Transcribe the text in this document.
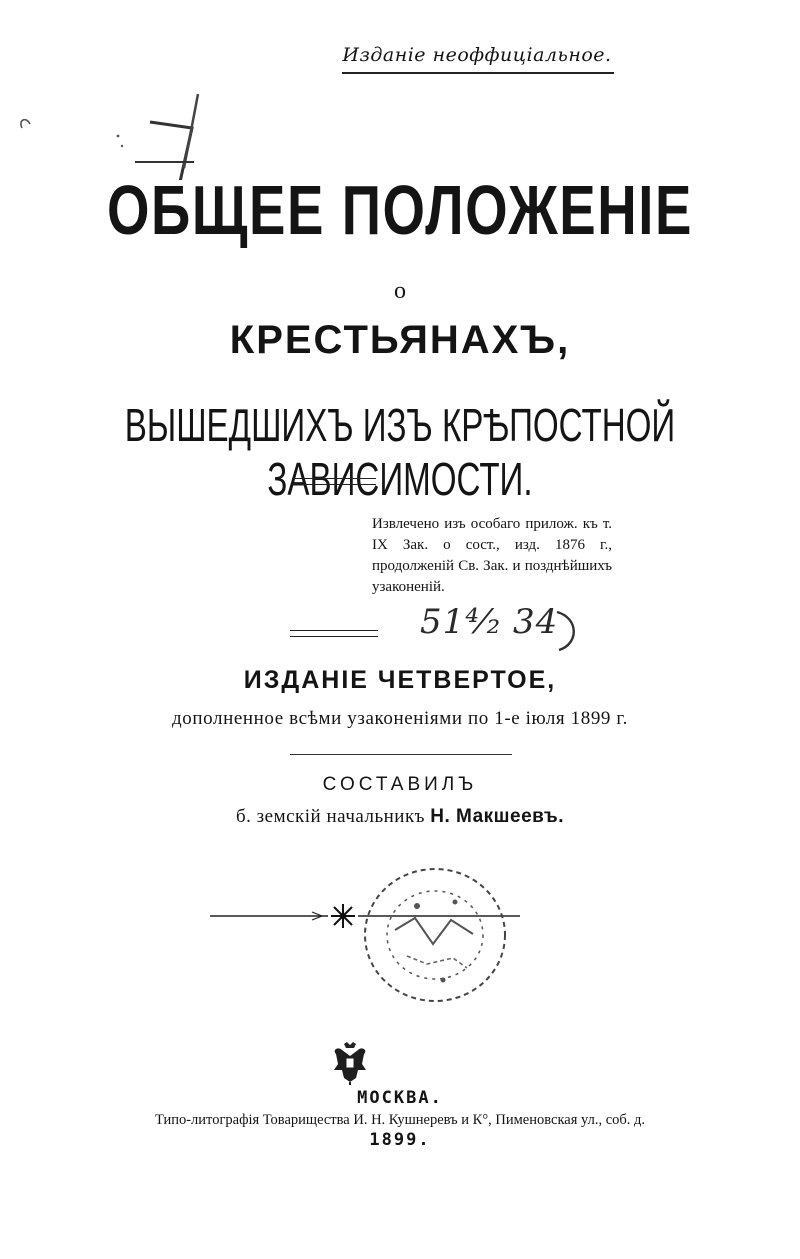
Изданіе неоффиціальное.
ОБЩЕЕ ПОЛОЖЕНІЕ
о
КРЕСТЬЯНАХЪ,
ВЫШЕДШИХЪ ИЗЪ КРѢПОСТНОЙ ЗАВИСИМОСТИ.
Извлечено изъ особаго прилож. къ т. IX Зак. о сост., изд. 1876 г., продолженій Св. Зак. и позднѣйшихъ узаконеній.
51⁴⁄₂ 34
ИЗДАНІЕ ЧЕТВЕРТОЕ,
дополненное всѣми узаконеніями по 1-е іюля 1899 г.
СОСТАВИЛЪ
б. земскій начальникъ Н. Макшеевъ.
МОСКВА.
Типо-литографія Товарищества И. Н. Кушнеревъ и К°, Пименовская ул., соб. д.
1899.
